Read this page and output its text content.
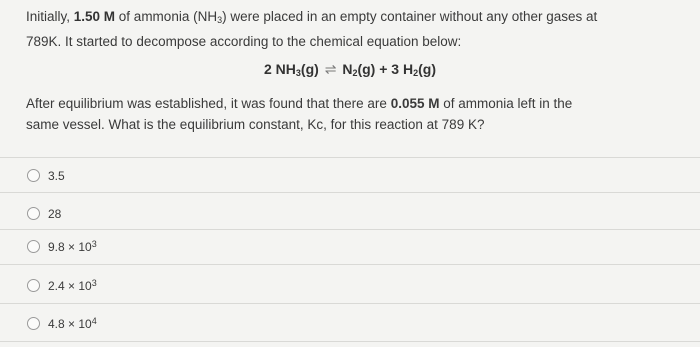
Initially, 1.50 M of ammonia $(NH_3)$ were placed in an empty container without any other gases at

789K. It started to decompose according to the chemical equation below:

2 $NH_3(g)$ ⇌ $N_2(g) + 3$ $H_2(g)$

After equilibrium was established, it was found that there are 0.055 M of ammonia left in the

same vessel. What is the equilibrium constant, Kc, for this reaction at 789 K?

3.5
28
$9.8 \times 10^3$
$2.4 \times 10^3$
$4.8 \times 10^4$
